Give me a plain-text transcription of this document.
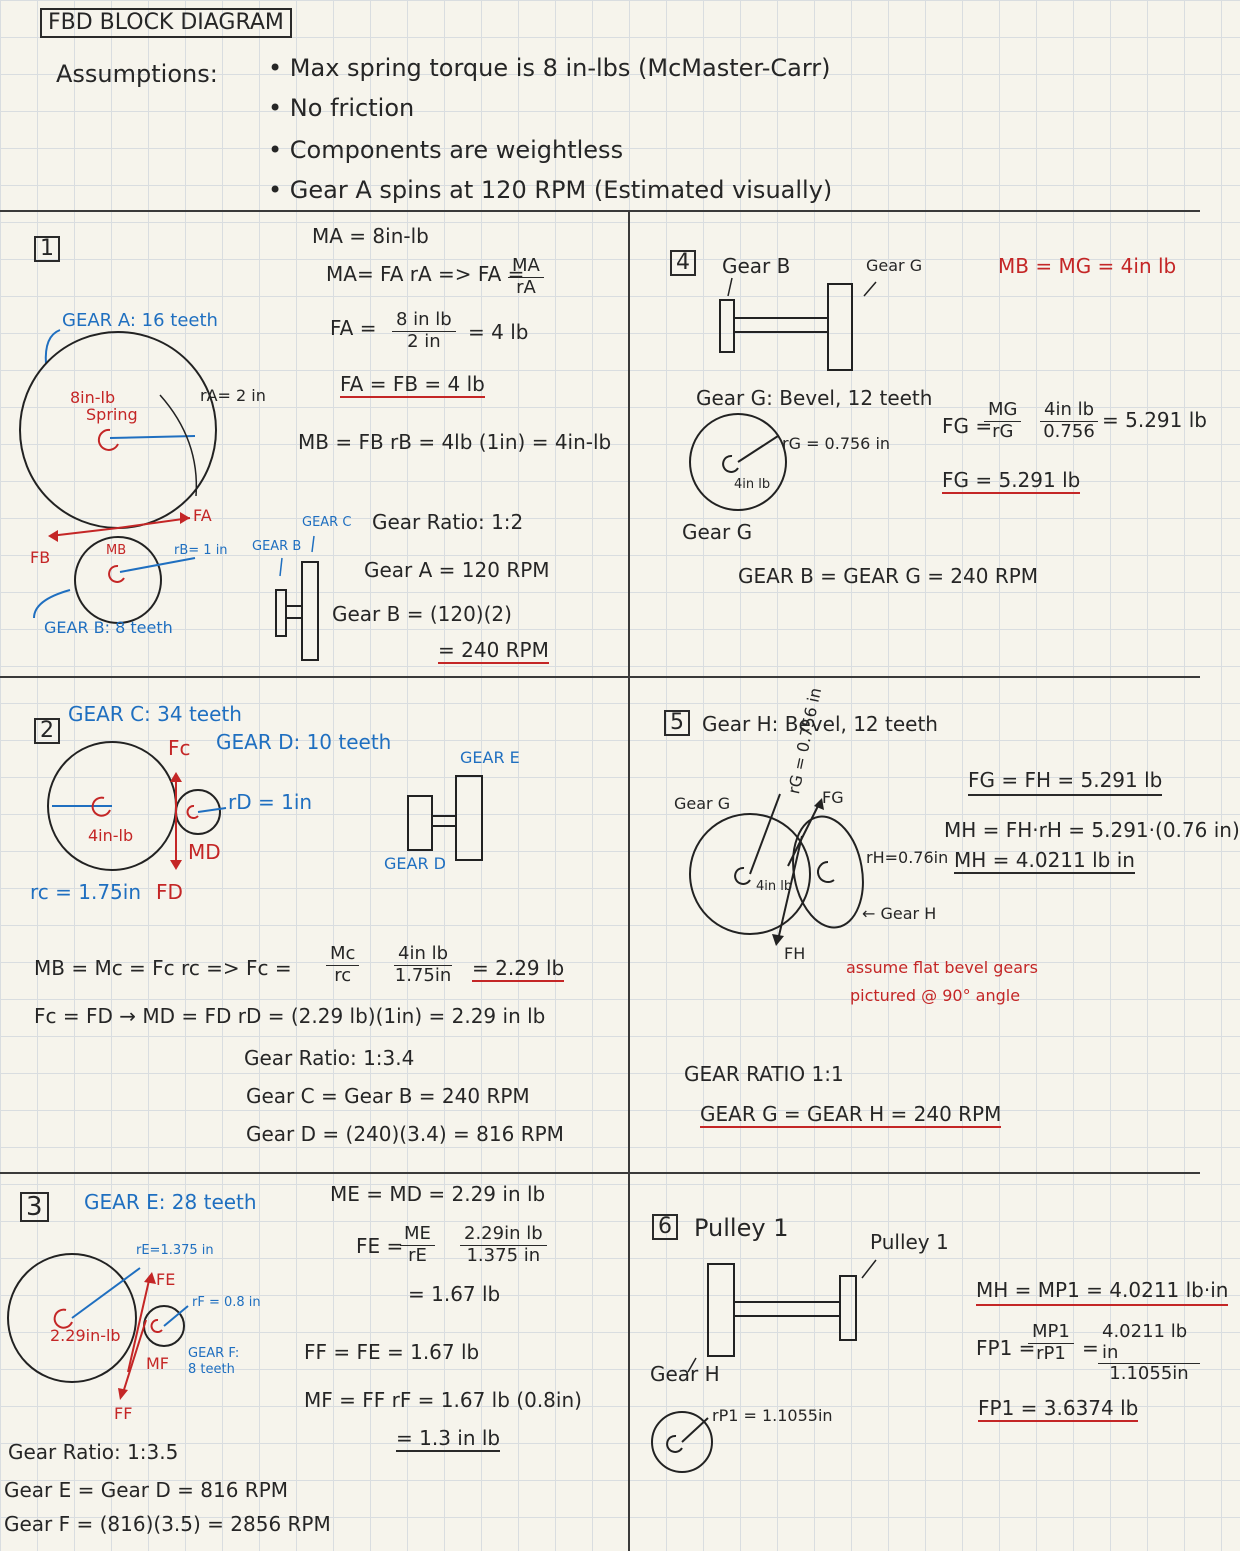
FBD BLOCK DIAGRAM
Assumptions: • Max spring torque is 8 in-lbs (McMaster-Carr)
• No friction
• Components are weightless
• Gear A spins at 120 RPM (Estimated visually)
1
GEAR A: 16 teeth
8in-lb
Spring
rA= 2 in
FA
FB	MB	rB= 1 in
GEAR B: 8 teeth
GEAR C
GEAR B
MA = 8in-lb
MA= FA rA => FA =
$\frac{MA}{rA}$
FA = $\frac{\text{8 in lb}}{2 in} = 4$ lb
FA = FB = 4 lb
MB = FB rB = 4lb (1in) = 4in-lb
Gear Ratio: 1:2
Gear A = 120 RPM
Gear B = (120)(2)
= 240 RPM
2
GEAR C: 34 teeth
GEAR D: 10 teeth
Fc
rD = 1in
4in-lb
MD
rc = 1.75in FD
GEAR E
GEAR D
MB = Mc = Fc rc => $Fc = \frac{Mc}{rc} \frac{\text{4in lb}}{1.75in} = 2.29$ lb
Fc = FD → MD = FD rD = (2.29 lb)(1in) = 2.29 in lb
Gear Ratio: 1:3.4
Gear C = Gear B = 240 RPM
Gear D = (240)(3.4) = 816 RPM
3	GEAR E: 28 teeth
rE=1.375 in
FE
rF = 0.8 in
2.29in-lb
MF
GEAR F:
8 teeth
FF
ME = MD = 2.29 in lb
FE =
$\frac{ME}{rE} \frac{\text{2.29in lb}}{1.375 in}$
= 1.67 lb
FF = FE = 1.67 lb
MF = FF rF = 1.67 lb (0.8in)
= 1.3 in lb
Gear Ratio: 1:3.5
Gear E = Gear D = 816 RPM
Gear F = (816)(3.5) = 2856 RPM
4	Gear B	Gear G	MB = MG = 4in lb
Gear G: Bevel, 12 teeth
rG = 0.756 in
4in lb
Gear G
FG =
$\frac{MG}{rG} \frac{\text{4in lb}}{0.756} = 5.291$ lb
FG = 5.291 lb
GEAR B = GEAR G = 240 RPM
5 Gear H: Bevel, 12 teeth
Gear G
rG = 0.756 in
FG
FH
4in lb
rH=0.76in
← Gear H
FG = FH = 5.291 lb
MH = FH·rH = 5.291·(0.76 in)
MH = 4.0211 lb in
assume flat bevel gears
pictured @ 90° angle
GEAR RATIO 1:1
GEAR G = GEAR H = 240 RPM
6 Pulley 1	Pulley 1
Gear H
rP1 = 1.1055in
MH = MP1 = 4.0211 lb·in
FP1 =
$\frac{MP1}{rP1} = \frac{\text{4.0211 lb in}}{1.1055in}$
FP1 = 3.6374 lb
